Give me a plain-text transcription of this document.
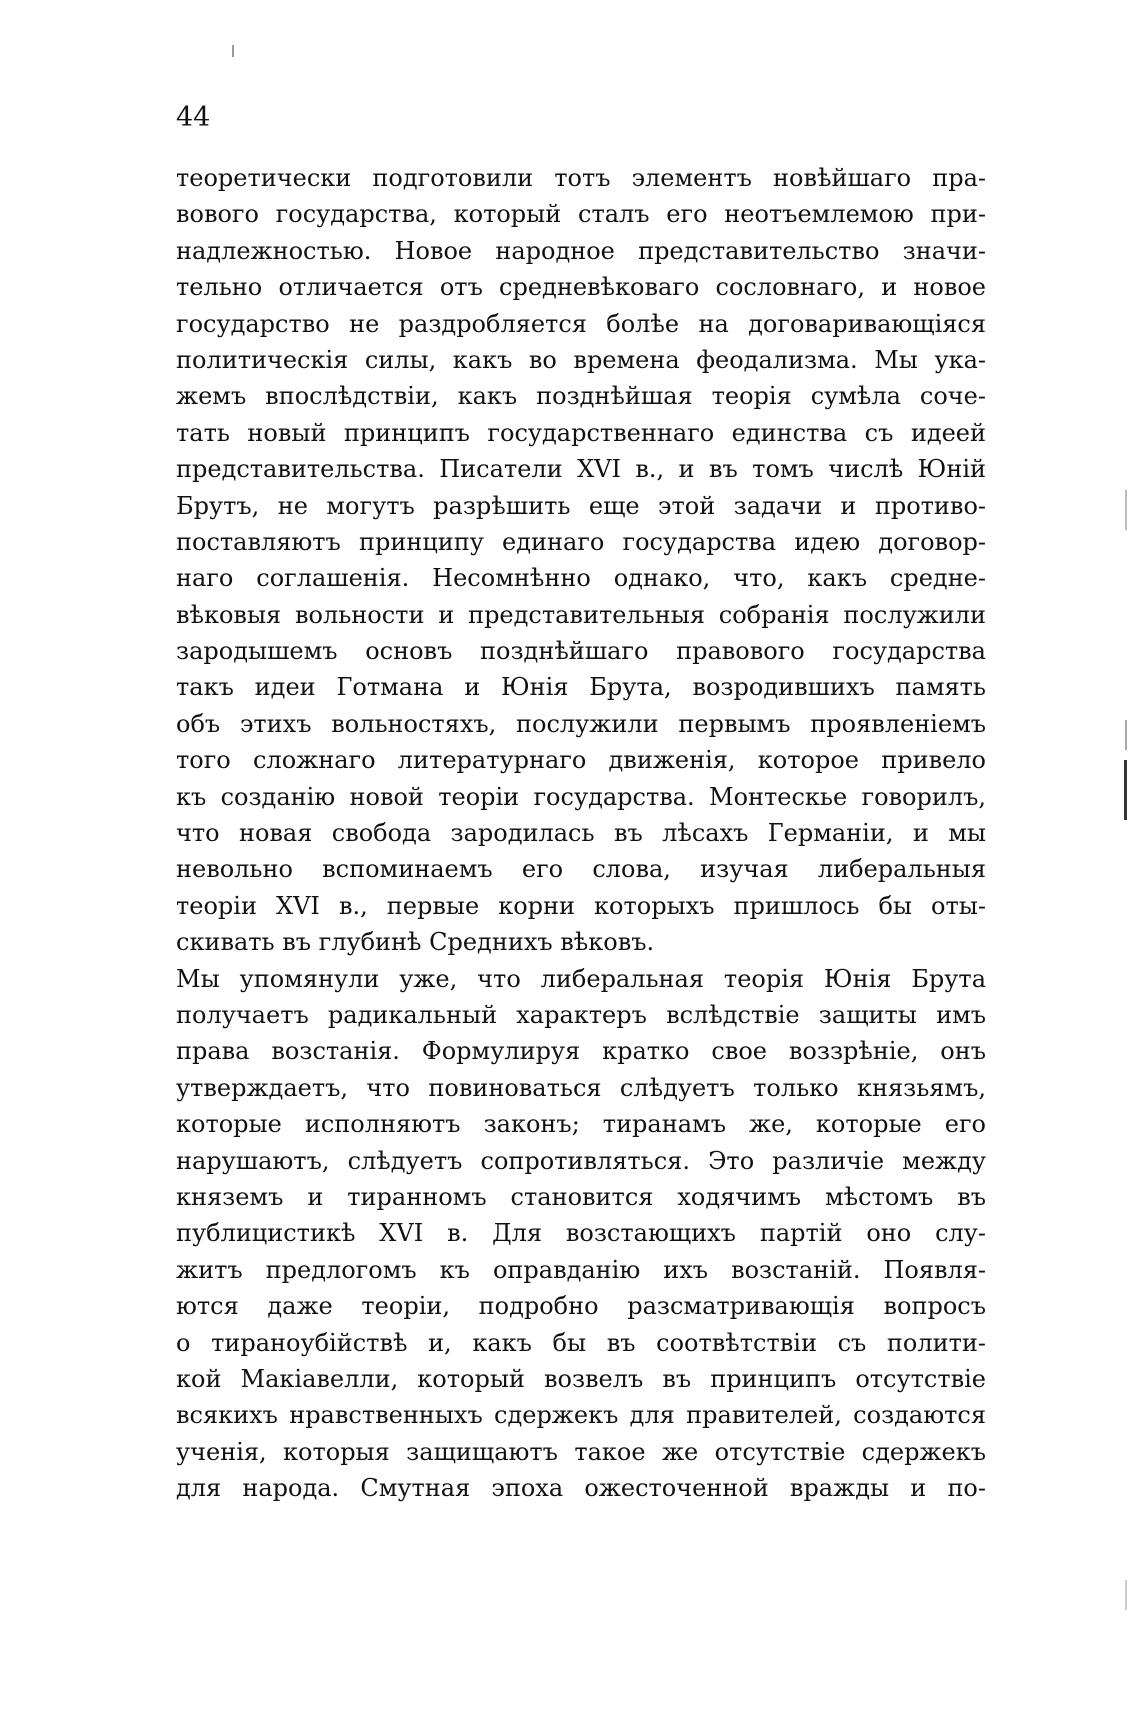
44
теоретически подготовили тотъ элементъ новѣйшаго пра-
вового государства, который сталъ его неотъемлемою при-
надлежностью. Новое народное представительство значи-
тельно отличается отъ средневѣковаго сословнаго, и новое
государство не раздробляется болѣе на договаривающіяся
политическія силы, какъ во времена феодализма. Мы ука-
жемъ впослѣдствіи, какъ позднѣйшая теорія сумѣла соче-
тать новый принципъ государственнаго единства съ идеей
представительства. Писатели XVI в., и въ томъ числѣ Юній
Брутъ, не могутъ разрѣшить еще этой задачи и противо-
поставляютъ принципу единаго государства идею договор-
наго соглашенія. Несомнѣнно однако, что, какъ средне-
вѣковыя вольности и представительныя собранія послужили
зародышемъ основъ позднѣйшаго правового государства
такъ идеи Готмана и Юнія Брута, возродившихъ память
объ этихъ вольностяхъ, послужили первымъ проявленіемъ
того сложнаго литературнаго движенія, которое привело
къ созданію новой теоріи государства. Монтескье говорилъ,
что новая свобода зародилась въ лѣсахъ Германіи, и мы
невольно вспоминаемъ его слова, изучая либеральныя
теоріи XVI в., первые корни которыхъ пришлось бы оты-
скивать въ глубинѣ Среднихъ вѣковъ.
Мы упомянули уже, что либеральная теорія Юнія Брута
получаетъ радикальный характеръ вслѣдствіе защиты имъ
права возстанія. Формулируя кратко свое воззрѣніе, онъ
утверждаетъ, что повиноваться слѣдуетъ только князьямъ,
которые исполняютъ законъ; тиранамъ же, которые его
нарушаютъ, слѣдуетъ сопротивляться. Это различіе между
княземъ и тиранномъ становится ходячимъ мѣстомъ въ
публицистикѣ XVI в. Для возстающихъ партій оно слу-
житъ предлогомъ къ оправданію ихъ возстаній. Появля-
ются даже теоріи, подробно разсматривающія вопросъ
о тираноубійствѣ и, какъ бы въ соотвѣтствіи съ полити-
кой Макіавелли, который возвелъ въ принципъ отсутствіе
всякихъ нравственныхъ сдержекъ для правителей, создаются
ученія, которыя защищаютъ такое же отсутствіе сдержекъ
для народа. Смутная эпоха ожесточенной вражды и по-
